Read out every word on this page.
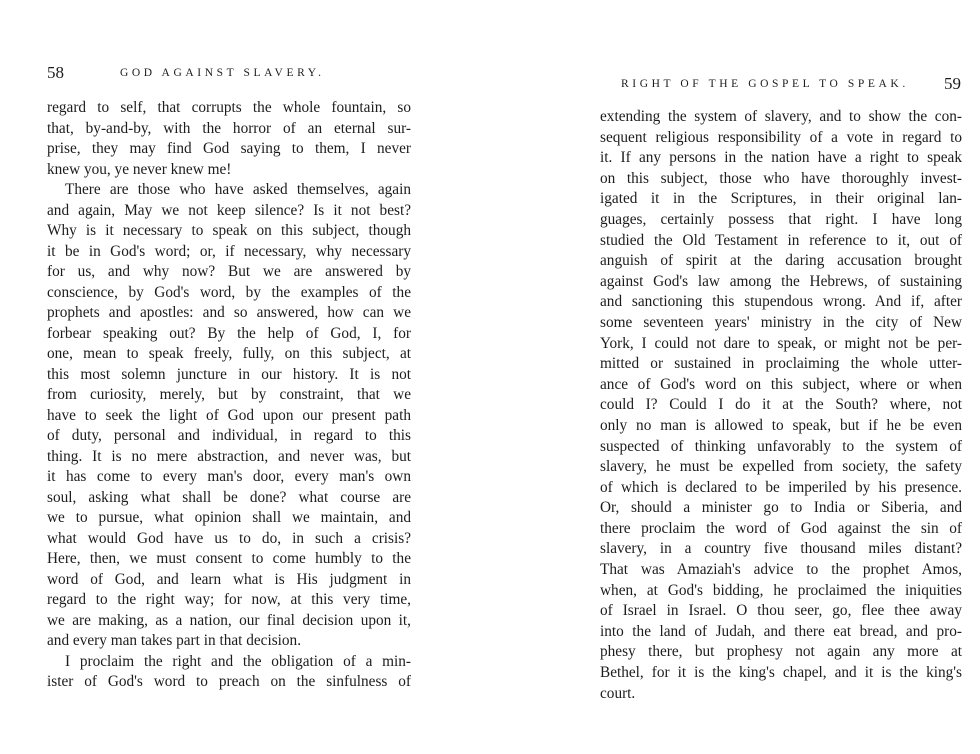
58	GOD AGAINST SLAVERY.
regard to self, that corrupts the whole fountain, so
that, by-and-by, with the horror of an eternal sur-
prise, they may find God saying to them, I never
knew you, ye never knew me!
There are those who have asked themselves, again
and again, May we not keep silence? Is it not best?
Why is it necessary to speak on this subject, though
it be in God's word; or, if necessary, why necessary
for us, and why now? But we are answered by
conscience, by God's word, by the examples of the
prophets and apostles: and so answered, how can we
forbear speaking out? By the help of God, I, for
one, mean to speak freely, fully, on this subject, at
this most solemn juncture in our history. It is not
from curiosity, merely, but by constraint, that we
have to seek the light of God upon our present path
of duty, personal and individual, in regard to this
thing. It is no mere abstraction, and never was, but
it has come to every man's door, every man's own
soul, asking what shall be done? what course are
we to pursue, what opinion shall we maintain, and
what would God have us to do, in such a crisis?
Here, then, we must consent to come humbly to the
word of God, and learn what is His judgment in
regard to the right way; for now, at this very time,
we are making, as a nation, our final decision upon it,
and every man takes part in that decision.
I proclaim the right and the obligation of a min-
ister of God's word to preach on the sinfulness of
RIGHT OF THE GOSPEL TO SPEAK. 59
extending the system of slavery, and to show the con-
sequent religious responsibility of a vote in regard to
it. If any persons in the nation have a right to speak
on this subject, those who have thoroughly invest-
igated it in the Scriptures, in their original lan-
guages, certainly possess that right. I have long
studied the Old Testament in reference to it, out of
anguish of spirit at the daring accusation brought
against God's law among the Hebrews, of sustaining
and sanctioning this stupendous wrong. And if, after
some seventeen years' ministry in the city of New
York, I could not dare to speak, or might not be per-
mitted or sustained in proclaiming the whole utter-
ance of God's word on this subject, where or when
could I? Could I do it at the South? where, not
only no man is allowed to speak, but if he be even
suspected of thinking unfavorably to the system of
slavery, he must be expelled from society, the safety
of which is declared to be imperiled by his presence.
Or, should a minister go to India or Siberia, and
there proclaim the word of God against the sin of
slavery, in a country five thousand miles distant?
That was Amaziah's advice to the prophet Amos,
when, at God's bidding, he proclaimed the iniquities
of Israel in Israel. O thou seer, go, flee thee away
into the land of Judah, and there eat bread, and pro-
phesy there, but prophesy not again any more at
Bethel, for it is the king's chapel, and it is the king's
court.
